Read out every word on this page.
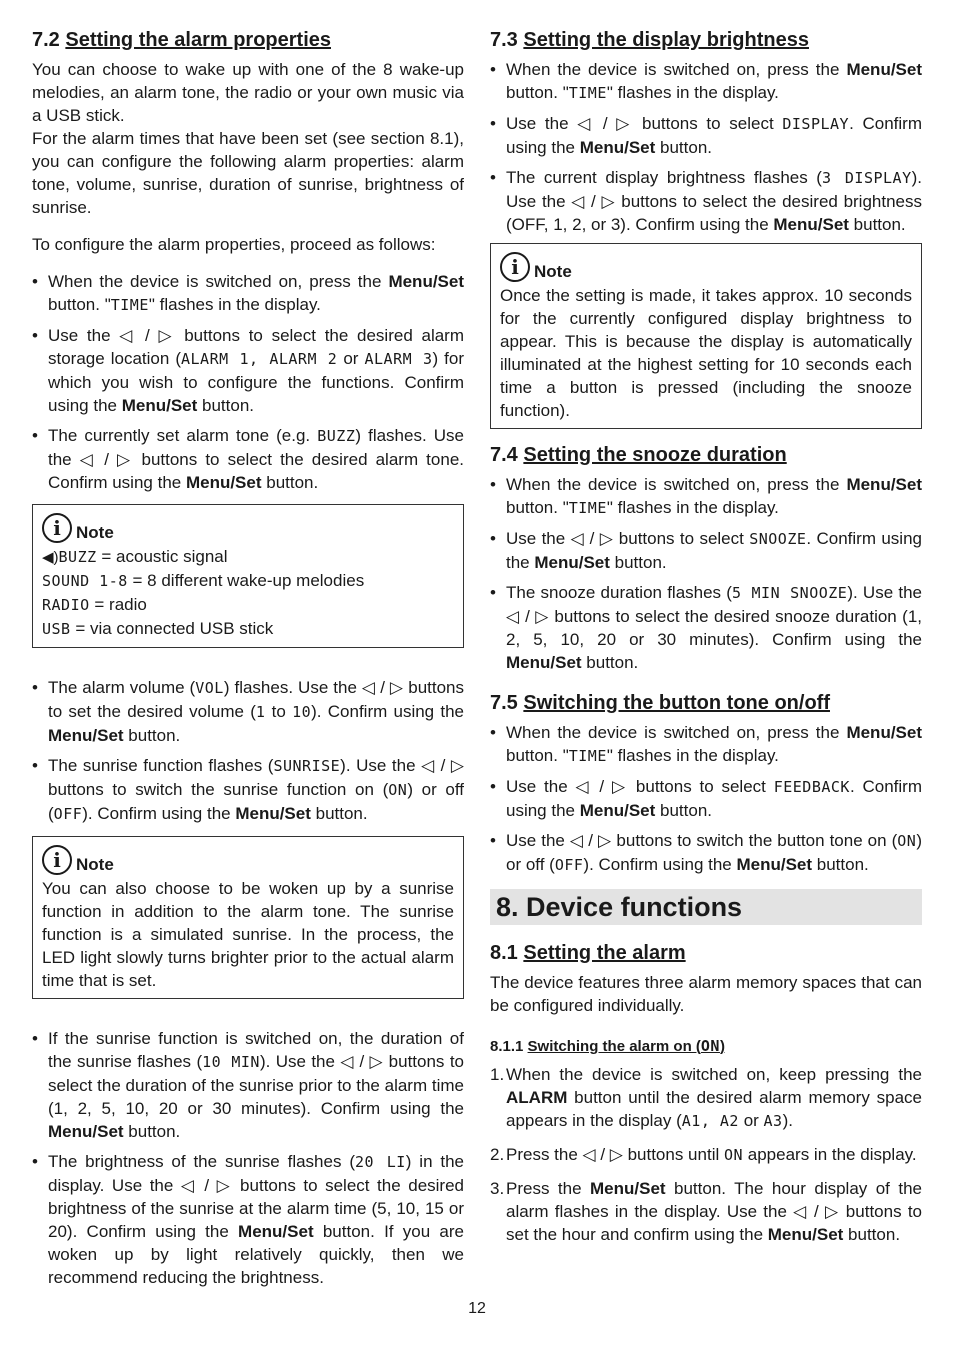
7.2 Setting the alarm properties

You can choose to wake up with one of the 8 wake-up melodies, an alarm tone, the radio or your own music via a USB stick.

For the alarm times that have been set (see section 8.1), you can configure the following alarm properties: alarm tone, volume, sunrise, duration of sunrise, brightness of sunrise.

To configure the alarm properties, proceed as follows:

• When the device is switched on, press the Menu/Set button. "TIME" flashes in the display.
• Use the ◁ / ▷ buttons to select the desired alarm storage location (ALARM 1, ALARM 2 or ALARM 3) for which you wish to configure the functions. Confirm using the Menu/Set button.
• The currently set alarm tone (e.g. BUZZ) flashes. Use the ◁ / ▷ buttons to select the desired alarm tone. Confirm using the Menu/Set button.
i Note

◀)BUZZ = acoustic signal

SOUND 1-8 = 8 different wake-up melodies

RADIO = radio

USB = via connected USB stick

• The alarm volume (VOL) flashes. Use the ◁ / ▷ buttons to set the desired volume (1 to 10). Confirm using the Menu/Set button.
• The sunrise function flashes (SUNRISE). Use the ◁ / ▷ buttons to switch the sunrise function on (ON) or off (OFF). Confirm using the Menu/Set button.
i Note

You can also choose to be woken up by a sunrise function in addition to the alarm tone. The sunrise function is a simulated sunrise. In the process, the LED light slowly turns brighter prior to the actual alarm time that is set.

• If the sunrise function is switched on, the duration of the sunrise flashes (10 MIN). Use the ◁ / ▷ buttons to select the duration of the sunrise prior to the alarm time (1, 2, 5, 10, 20 or 30 minutes). Confirm using the Menu/Set button.
• The brightness of the sunrise flashes (20 LI) in the display. Use the ◁ / ▷ buttons to select the desired brightness of the sunrise at the alarm time (5, 10, 15 or 20). Confirm using the Menu/Set button. If you are woken up by light relatively quickly, then we recommend reducing the brightness.
7.3 Setting the display brightness
• When the device is switched on, press the Menu/Set button. "TIME" flashes in the display.
• Use the ◁ / ▷ buttons to select DISPLAY. Confirm using the Menu/Set button.
• The current display brightness flashes (3 DISPLAY). Use the ◁ / ▷ buttons to select the desired brightness (OFF, 1, 2, or 3). Confirm using the Menu/Set button.
i Note

Once the setting is made, it takes approx. 10 seconds for the currently configured display brightness to appear. This is because the display is automatically illuminated at the highest setting for 10 seconds each time a button is pressed (including the snooze function).

7.4 Setting the snooze duration
• When the device is switched on, press the Menu/Set button. "TIME" flashes in the display.
• Use the ◁ / ▷ buttons to select SNOOZE. Confirm using the Menu/Set button.
• The snooze duration flashes (5 MIN SNOOZE). Use the ◁ / ▷ buttons to select the desired snooze duration (1, 2, 5, 10, 20 or 30 minutes). Confirm using the Menu/Set button.
7.5 Switching the button tone on/off
• When the device is switched on, press the Menu/Set button. "TIME" flashes in the display.
• Use the ◁ / ▷ buttons to select FEEDBACK. Confirm using the Menu/Set button.
• Use the ◁ / ▷ buttons to switch the button tone on (ON) or off (OFF). Confirm using the Menu/Set button.
8. Device functions
8.1 Setting the alarm

The device features three alarm memory spaces that can be configured individually.

8.1.1 Switching the alarm on (ON)
1. When the device is switched on, keep pressing the ALARM button until the desired alarm memory space appears in the display (A1, A2 or A3).
2. Press the ◁ / ▷ buttons until ON appears in the display.
3. Press the Menu/Set button. The hour display of the alarm flashes in the display. Use the ◁ / ▷ buttons to set the hour and confirm using the Menu/Set button.
12
